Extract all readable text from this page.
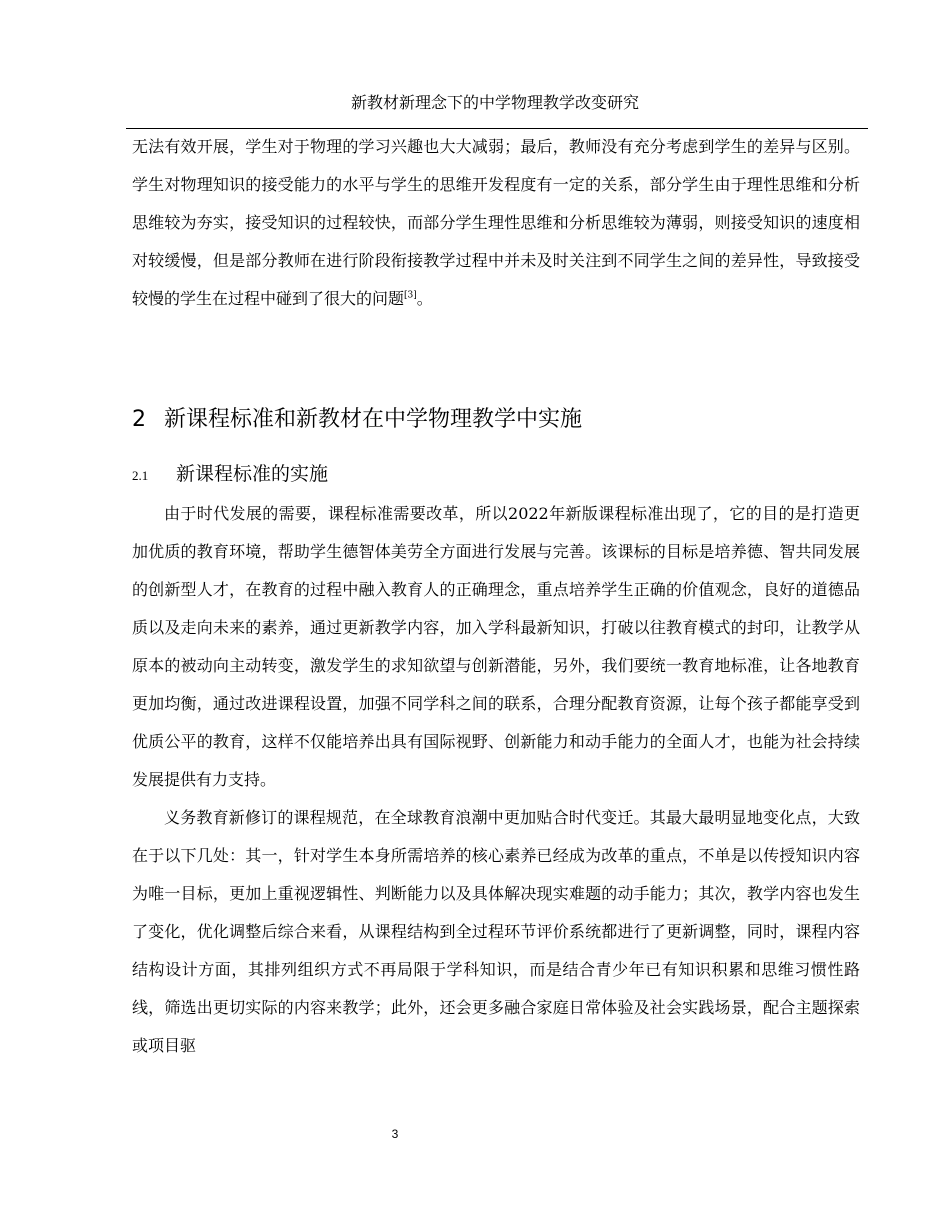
新教材新理念下的中学物理教学改变研究

无法有效开展，学生对于物理的学习兴趣也大大减弱；最后，教师没有充分考虑到学生的差异与区别。学生对物理知识的接受能力的水平与学生的思维开发程度有一定的关系，部分学生由于理性思维和分析思维较为夯实，接受知识的过程较快，而部分学生理性思维和分析思维较为薄弱，则接受知识的速度相对较缓慢，但是部分教师在进行阶段衔接教学过程中并未及时关注到不同学生之间的差异性，导致接受较慢的学生在过程中碰到了很大的问题[3]。

2 新课程标准和新教材在中学物理教学中实施
2.1 新课程标准的实施

由于时代发展的需要，课程标准需要改革，所以2022年新版课程标准出现了，它的目的是打造更加优质的教育环境，帮助学生德智体美劳全方面进行发展与完善。该课标的目标是培养德、智共同发展的创新型人才，在教育的过程中融入教育人的正确理念，重点培养学生正确的价值观念，良好的道德品质以及走向未来的素养，通过更新教学内容，加入学科最新知识，打破以往教育模式的封印，让教学从原本的被动向主动转变，激发学生的求知欲望与创新潜能，另外，我们要统一教育地标准，让各地教育更加均衡，通过改进课程设置，加强不同学科之间的联系，合理分配教育资源，让每个孩子都能享受到优质公平的教育，这样不仅能培养出具有国际视野、创新能力和动手能力的全面人才，也能为社会持续发展提供有力支持。

义务教育新修订的课程规范，在全球教育浪潮中更加贴合时代变迁。其最大最明显地变化点，大致在于以下几处：其一，针对学生本身所需培养的核心素养已经成为改革的重点，不单是以传授知识内容为唯一目标，更加上重视逻辑性、判断能力以及具体解决现实难题的动手能力；其次，教学内容也发生了变化，优化调整后综合来看，从课程结构到全过程环节评价系统都进行了更新调整，同时，课程内容结构设计方面，其排列组织方式不再局限于学科知识，而是结合青少年已有知识积累和思维习惯性路线，筛选出更切实际的内容来教学；此外，还会更多融合家庭日常体验及社会实践场景，配合主题探索或项目驱

3
